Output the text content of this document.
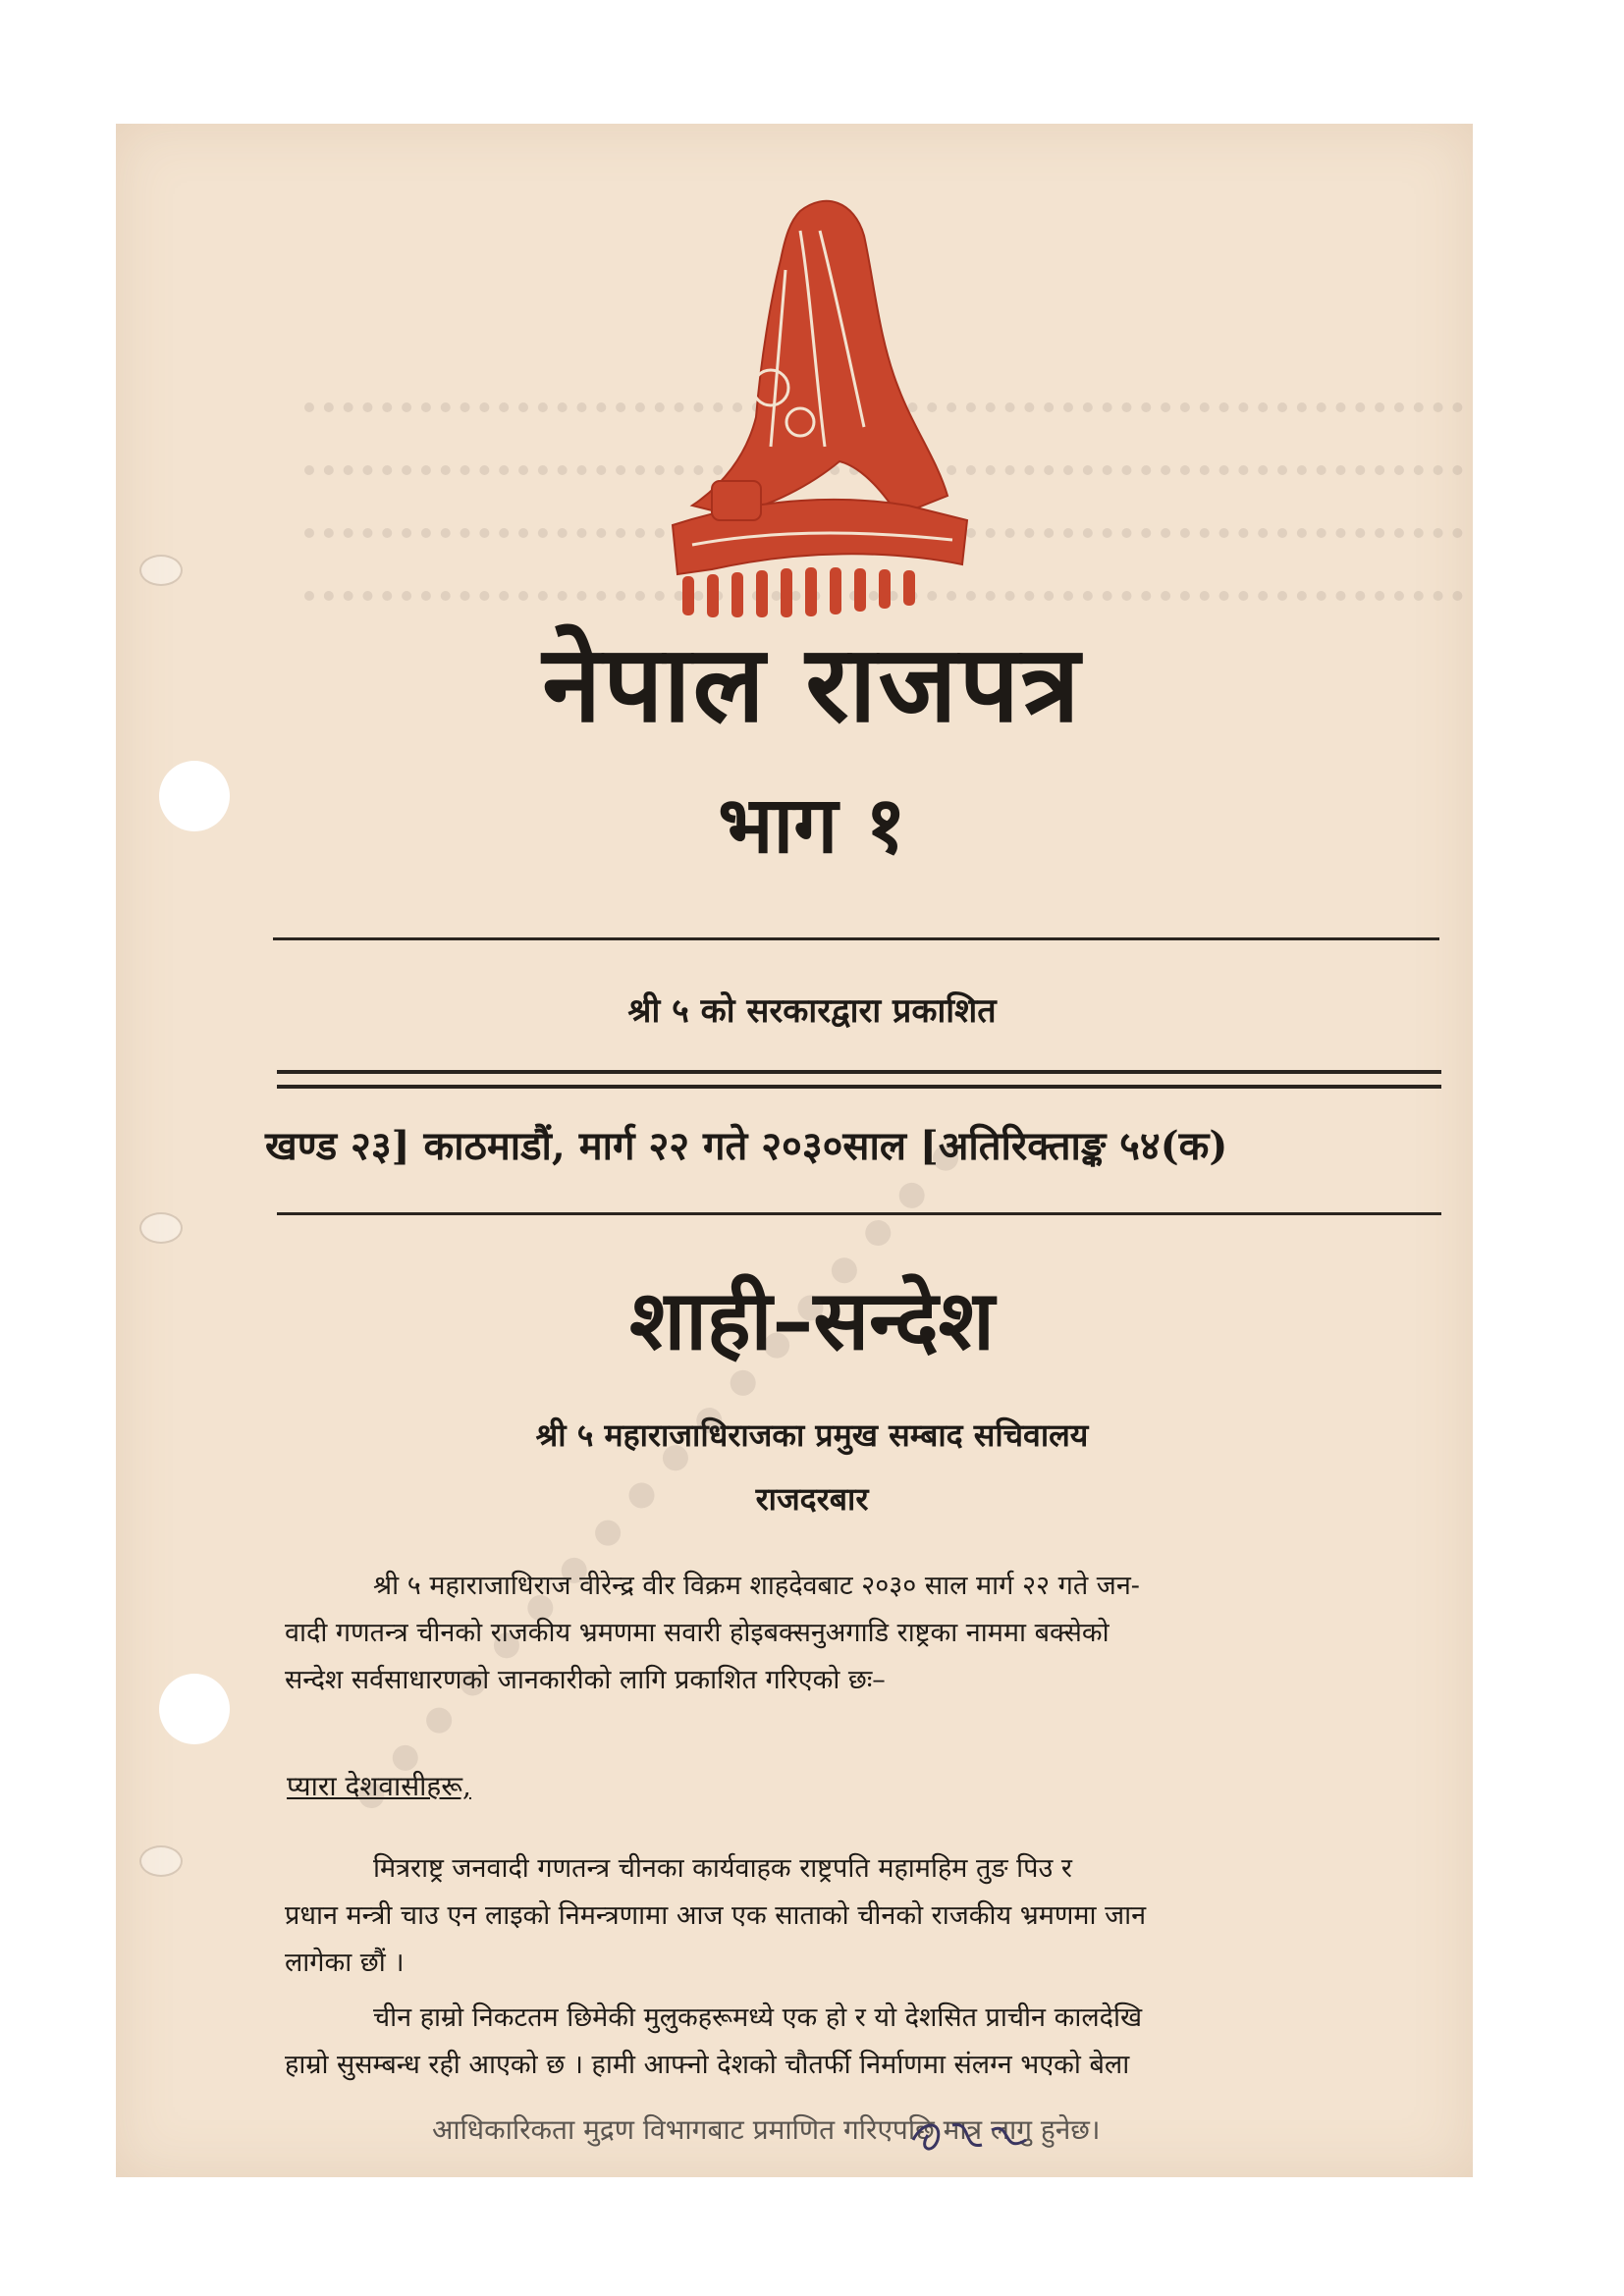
नेपाल राजपत्र
भाग १
श्री ५ को सरकारद्वारा प्रकाशित
खण्ड २३] काठमाडौं, मार्ग २२ गते २०३०साल [अतिरिक्ताङ्क ५४(क)
शाही–सन्देश
श्री ५ महाराजाधिराजका प्रमुख सम्बाद सचिवालय
राजदरबार
श्री ५ महाराजाधिराज वीरेन्द्र वीर विक्रम शाहदेवबाट २०३० साल मार्ग २२ गते जन-
वादी गणतन्त्र चीनको राजकीय भ्रमणमा सवारी होइबक्सनुअगाडि राष्ट्रका नाममा बक्सेको
सन्देश सर्वसाधारणको जानकारीको लागि प्रकाशित गरिएको छः–
प्यारा देशवासीहरू,
मित्रराष्ट्र जनवादी गणतन्त्र चीनका कार्यवाहक राष्ट्रपति महामहिम तुङ पिउ र
प्रधान मन्त्री चाउ एन लाइको निमन्त्रणामा आज एक साताको चीनको राजकीय भ्रमणमा जान
लागेका छौं ।
चीन हाम्रो निकटतम छिमेकी मुलुकहरूमध्ये एक हो र यो देशसित प्राचीन कालदेखि
हाम्रो सुसम्बन्ध रही आएको छ । हामी आफ्नो देशको चौतर्फी निर्माणमा संलग्न भएको बेला
आधिकारिकता मुद्रण विभागबाट प्रमाणित गरिएपछि मात्र लागु हुनेछ।
